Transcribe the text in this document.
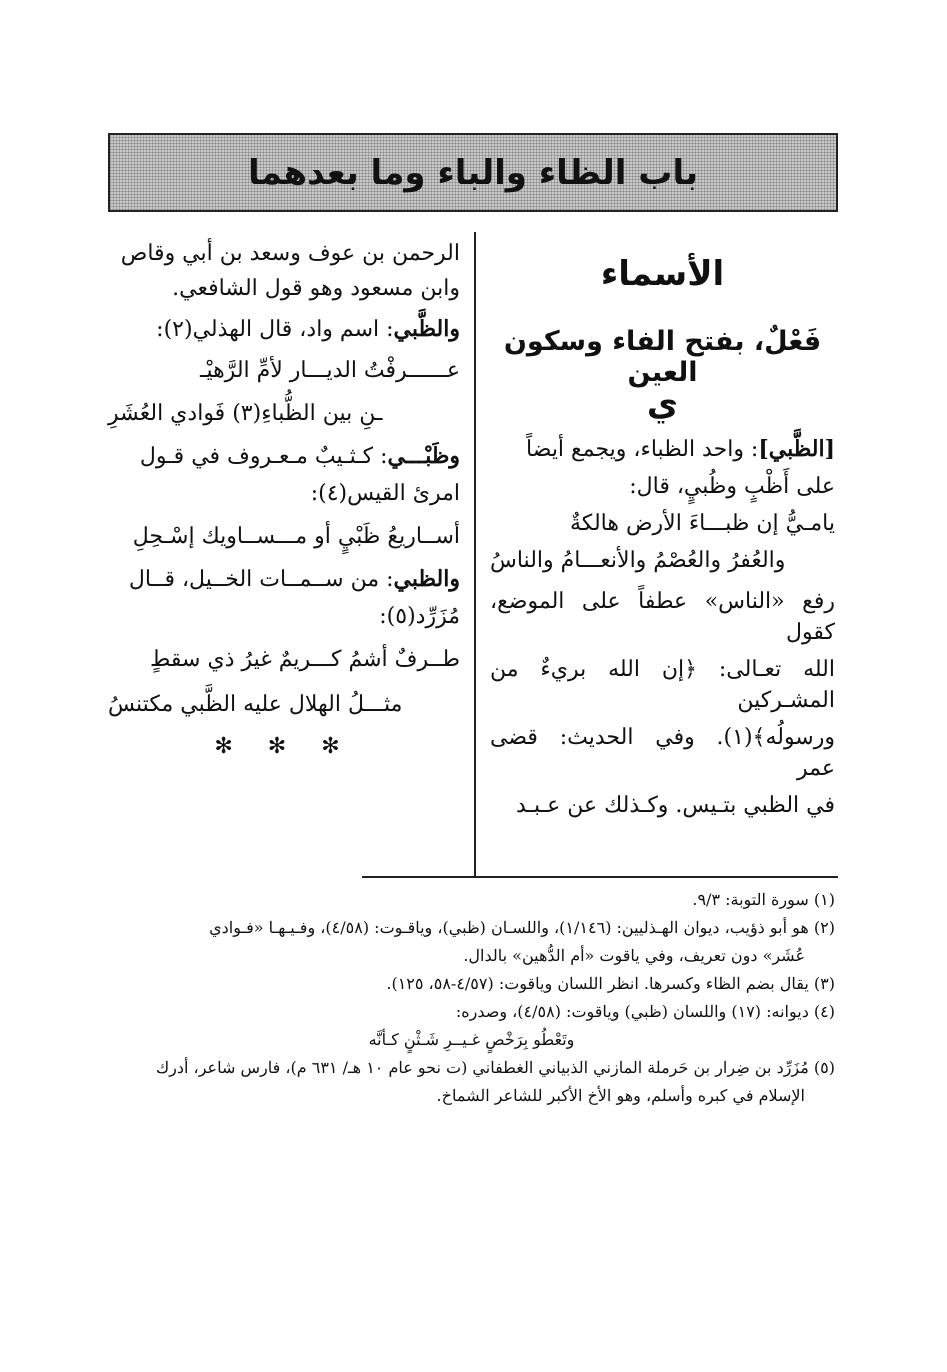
باب الظاء والباء وما بعدهما
الأسماء
فَعْلٌ، بفتح الفاء وسكون العين
ي

[الظَّبي]: واحد الظباء، ويجمع أيضاً

على أَظْبٍ وظُبيٍ، قال:

يامـيُّ إن ظبـــاءَ الأرض هالكةٌ

والعُفرُ والعُصْمُ والأنعـــامُ والناسُ

رفع «الناس» عطفاً على الموضع، كقول

الله تعـالى: ﴿إن الله بريءٌ من المشـركين

ورسولُه﴾(١). وفي الحديث: قضى عمر

في الظبي بتـيس. وكـذلك عن عـبـد

الرحمن بن عوف وسعد بن أبي وقاص

وابن مسعود وهو قول الشافعي.

والظَّبي: اسم واد، قال الهذلي(٢):

عــــــرفْتُ الديـــار لأمِّ الرَّهيْـ

ـنِ بين الظُّباءِ(٣) فَوادي العُشَرِ

وظَبْـــي: كـثـيبٌ مـعـروف في قـول

امرئ القيس(٤):

أســاريعُ ظَبْيٍ أو مـــســاويك إسْـحِلِ

والظبي: من ســمــات الخــيل، قــال

مُزَرِّد(٥):

طــرفٌ أشمُ كـــريمٌ غيرُ ذي سقطٍ

مثـــلُ الهلال عليه الظَّبي مكتنسُ

✻ ✻ ✻

(١) سورة التوبة: ٩/٣.

(٢) هو أبو ذؤيب، ديوان الهـذليين: (١/١٤٦)، واللسـان (ظبي)، وياقـوت: (٤/٥٨)، وفـيـهـا «فـوادي

عُشَر» دون تعريف، وفي ياقوت «أم الدُّهين» بالدال.

(٣) يقال بضم الظاء وكسرها. انظر اللسان وياقوت: (٤/٥٧-٥٨، ١٢٥).

(٤) ديوانه: (١٧) واللسان (ظبي) وياقوت: (٤/٥٨)، وصدره:

وتَعْطُو بِرَخْصٍ غـيــرِ شَـثْنٍ كـأنَّه

(٥) مُزَرِّد بن ضِرار بن حَرملة المازني الذبياني الغطفاني (ت نحو عام ١٠ هـ/ ٦٣١ م)، فارس شاعر، أدرك

الإسلام في كبره وأسلم، وهو الأخ الأكبر للشاعر الشماخ.
